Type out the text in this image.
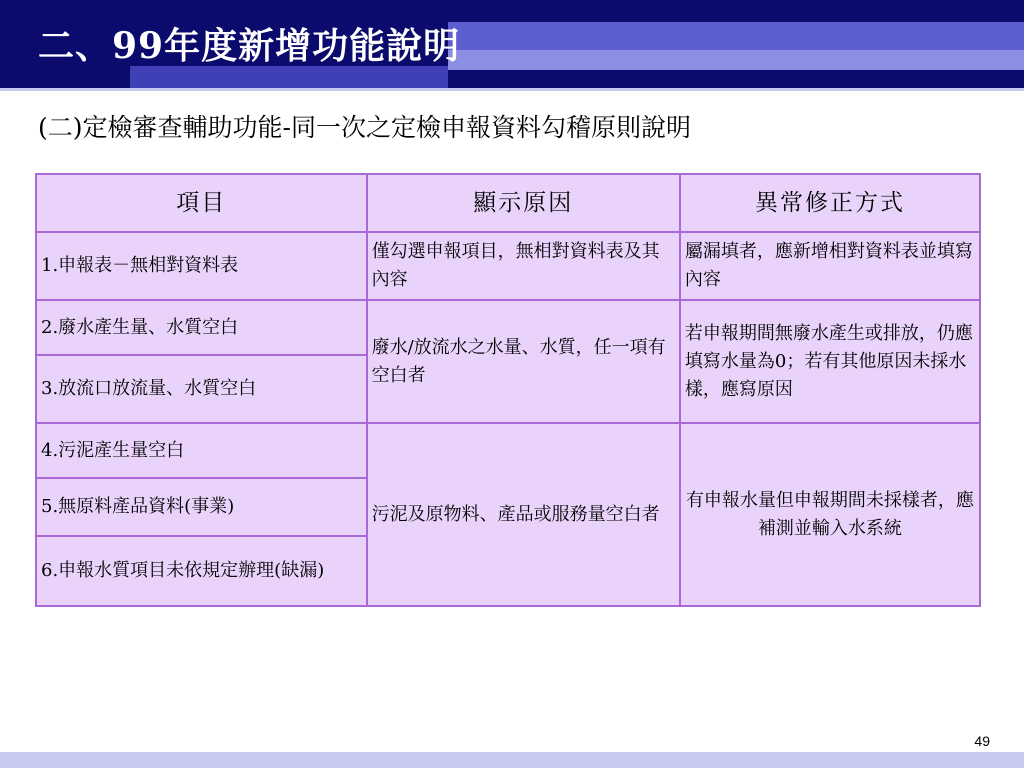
二、99年度新增功能說明
(二)定檢審查輔助功能-同一次之定檢申報資料勾稽原則說明
項目	顯示原因	異常修正方式
1.申報表－無相對資料表	僅勾選申報項目，無相對資料表及其內容	屬漏填者，應新增相對資料表並填寫內容
2.廢水產生量、水質空白	廢水/放流水之水量、水質，任一項有空白者	若申報期間無廢水產生或排放，仍應填寫水量為0；若有其他原因未採水樣，應寫原因
3.放流口放流量、水質空白		
4.污泥產生量空白	污泥及原物料、產品或服務量空白者	有申報水量但申報期間未採樣者，應補測並輸入水系統
5.無原料產品資料(事業)		
6.申報水質項目未依規定辦理(缺漏)		
49
